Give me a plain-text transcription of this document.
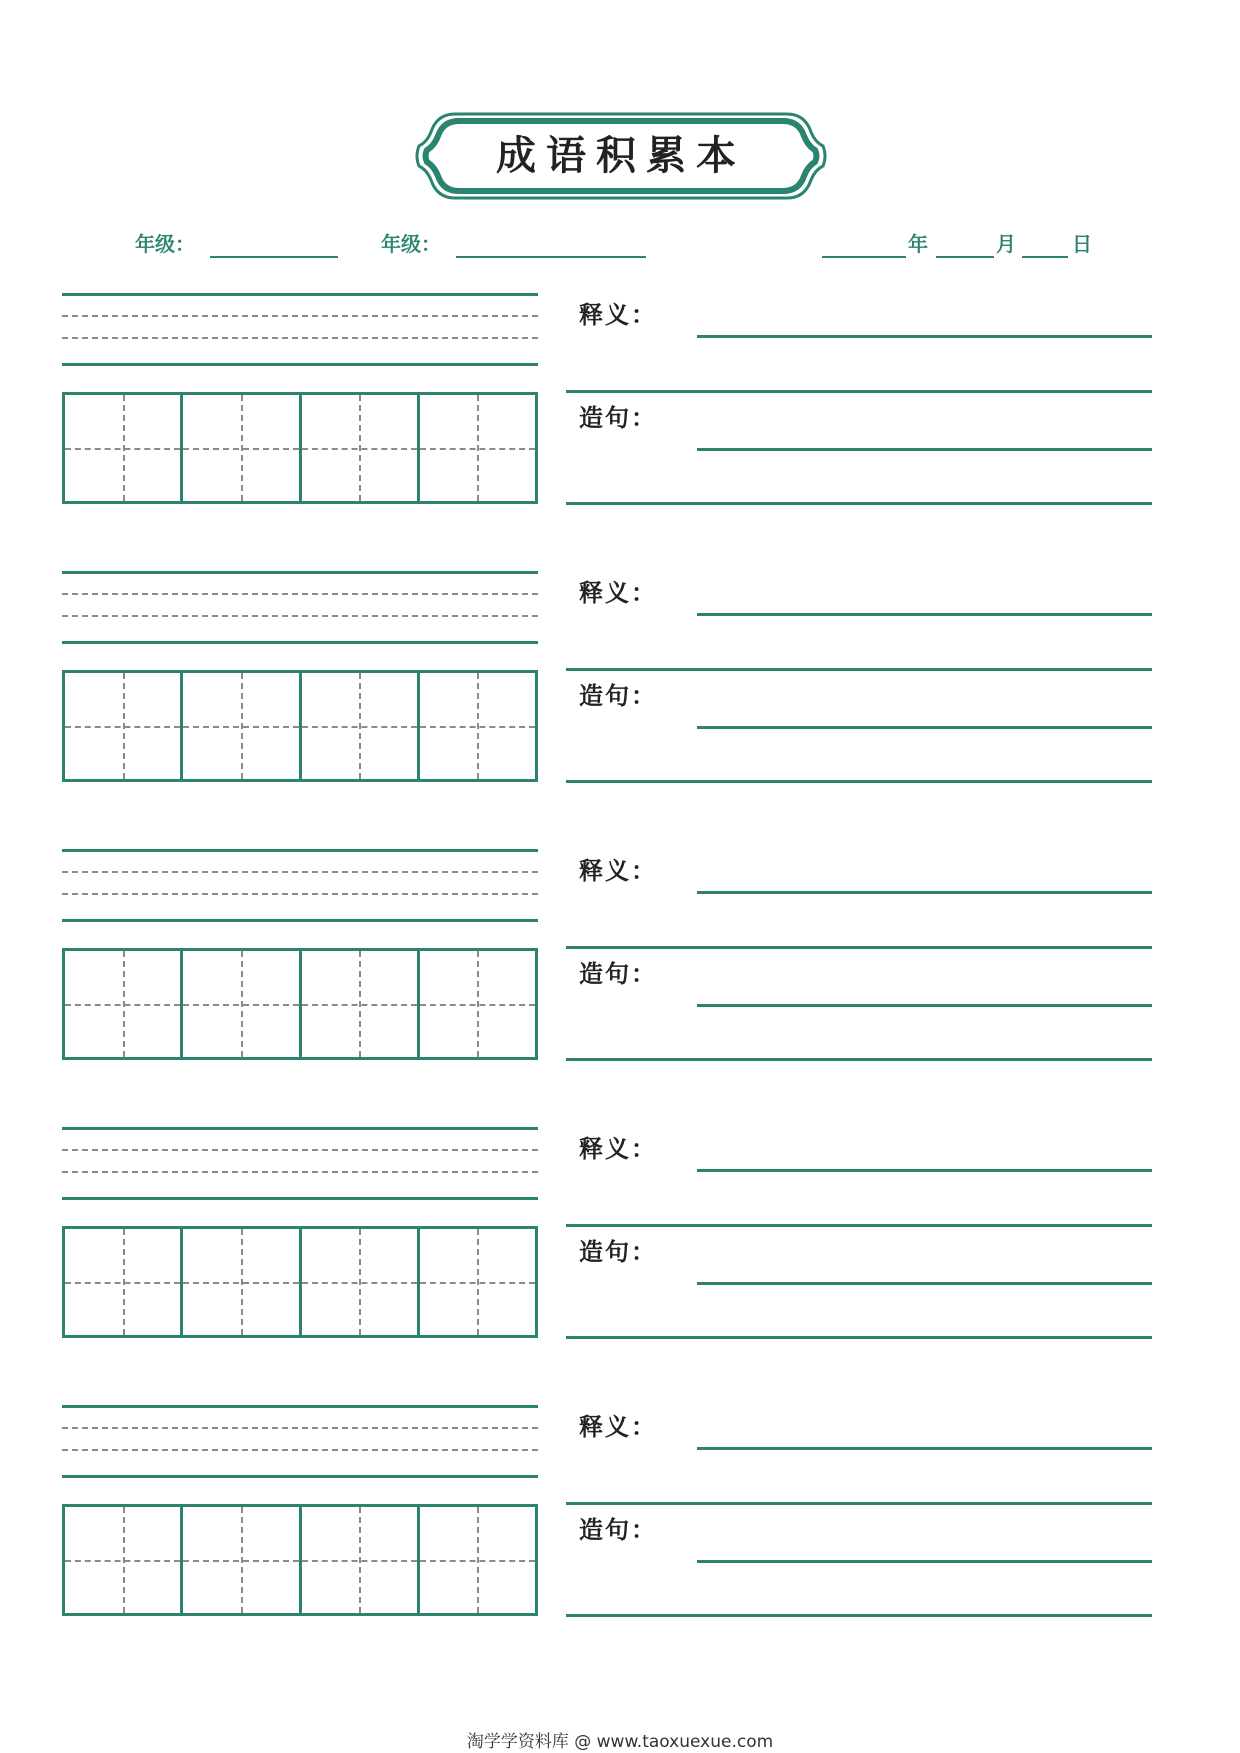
成语积累本
年级：	年级：	年	月	日
释义：
造句：
释义：
造句：
释义：
造句：
释义：
造句：
释义：
造句：
淘学学资料库 @ www.taoxuexue.com
